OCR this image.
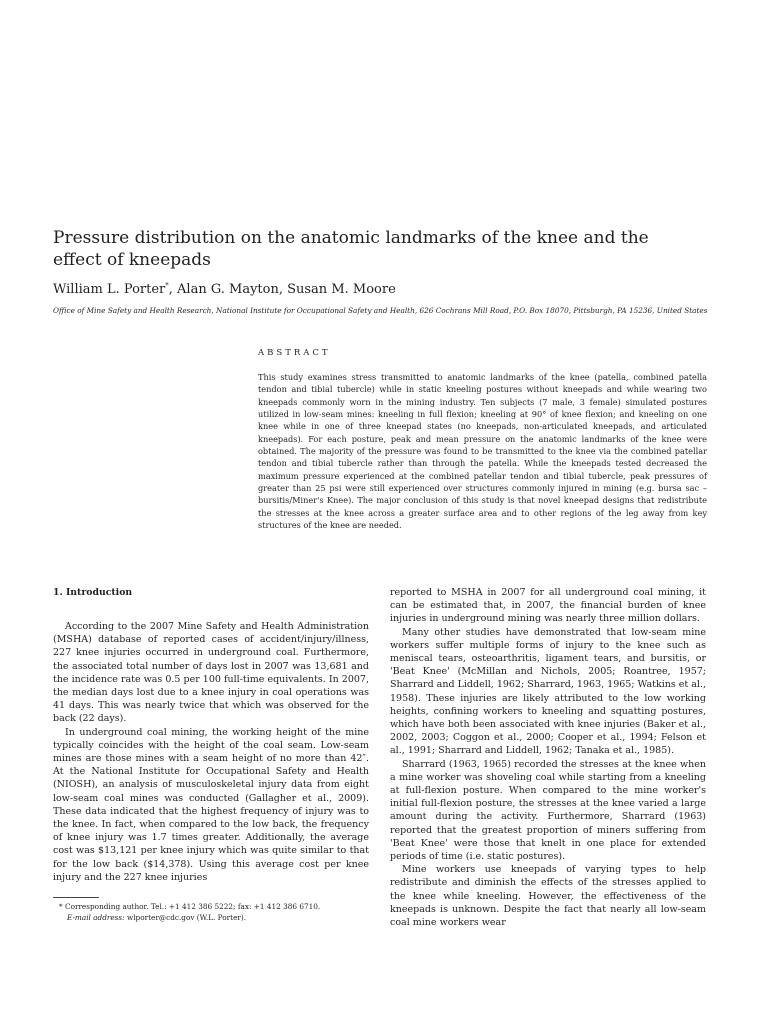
Pressure distribution on the anatomic landmarks of the knee and the effect of kneepads
William L. Porter*, Alan G. Mayton, Susan M. Moore
Office of Mine Safety and Health Research, National Institute for Occupational Safety and Health, 626 Cochrans Mill Road, P.O. Box 18070, Pittsburgh, PA 15236, United States
ABSTRACT

This study examines stress transmitted to anatomic landmarks of the knee (patella, combined patella tendon and tibial tubercle) while in static kneeling postures without kneepads and while wearing two kneepads commonly worn in the mining industry. Ten subjects (7 male, 3 female) simulated postures utilized in low-seam mines: kneeling in full flexion; kneeling at 90° of knee flexion; and kneeling on one knee while in one of three kneepad states (no kneepads, non-articulated kneepads, and articulated kneepads). For each posture, peak and mean pressure on the anatomic landmarks of the knee were obtained. The majority of the pressure was found to be transmitted to the knee via the combined patellar tendon and tibial tubercle rather than through the patella. While the kneepads tested decreased the maximum pressure experienced at the combined patellar tendon and tibial tubercle, peak pressures of greater than 25 psi were still experienced over structures commonly injured in mining (e.g. bursa sac – bursitis/Miner's Knee). The major conclusion of this study is that novel kneepad designs that redistribute the stresses at the knee across a greater surface area and to other regions of the leg away from key structures of the knee are needed.

1. Introduction

According to the 2007 Mine Safety and Health Administration (MSHA) database of reported cases of accident/injury/illness, 227 knee injuries occurred in underground coal. Furthermore, the associated total number of days lost in 2007 was 13,681 and the incidence rate was 0.5 per 100 full-time equivalents. In 2007, the median days lost due to a knee injury in coal operations was 41 days. This was nearly twice that which was observed for the back (22 days).

In underground coal mining, the working height of the mine typically coincides with the height of the coal seam. Low-seam mines are those mines with a seam height of no more than 42″. At the National Institute for Occupational Safety and Health (NIOSH), an analysis of musculoskeletal injury data from eight low-seam coal mines was conducted (Gallagher et al., 2009). These data indicated that the highest frequency of injury was to the knee. In fact, when compared to the low back, the frequency of knee injury was 1.7 times greater. Additionally, the average cost was $13,121 per knee injury which was quite similar to that for the low back ($14,378). Using this average cost per knee injury and the 227 knee injuries

reported to MSHA in 2007 for all underground coal mining, it can be estimated that, in 2007, the financial burden of knee injuries in underground mining was nearly three million dollars.

Many other studies have demonstrated that low-seam mine workers suffer multiple forms of injury to the knee such as meniscal tears, osteoarthritis, ligament tears, and bursitis, or 'Beat Knee' (McMillan and Nichols, 2005; Roantree, 1957; Sharrard and Liddell, 1962; Sharrard, 1963, 1965; Watkins et al., 1958). These injuries are likely attributed to the low working heights, confining workers to kneeling and squatting postures, which have both been associated with knee injuries (Baker et al., 2002, 2003; Coggon et al., 2000; Cooper et al., 1994; Felson et al., 1991; Sharrard and Liddell, 1962; Tanaka et al., 1985).

Sharrard (1963, 1965) recorded the stresses at the knee when a mine worker was shoveling coal while starting from a kneeling at full-flexion posture. When compared to the mine worker's initial full-flexion posture, the stresses at the knee varied a large amount during the activity. Furthermore, Sharrard (1963) reported that the greatest proportion of miners suffering from 'Beat Knee' were those that knelt in one place for extended periods of time (i.e. static postures).

Mine workers use kneepads of varying types to help redistribute and diminish the effects of the stresses applied to the knee while kneeling. However, the effectiveness of the kneepads is unknown. Despite the fact that nearly all low-seam coal mine workers wear

* Corresponding author. Tel.: +1 412 386 5222; fax: +1 412 386 6710.
E-mail address: wlporter@cdc.gov (W.L. Porter).
